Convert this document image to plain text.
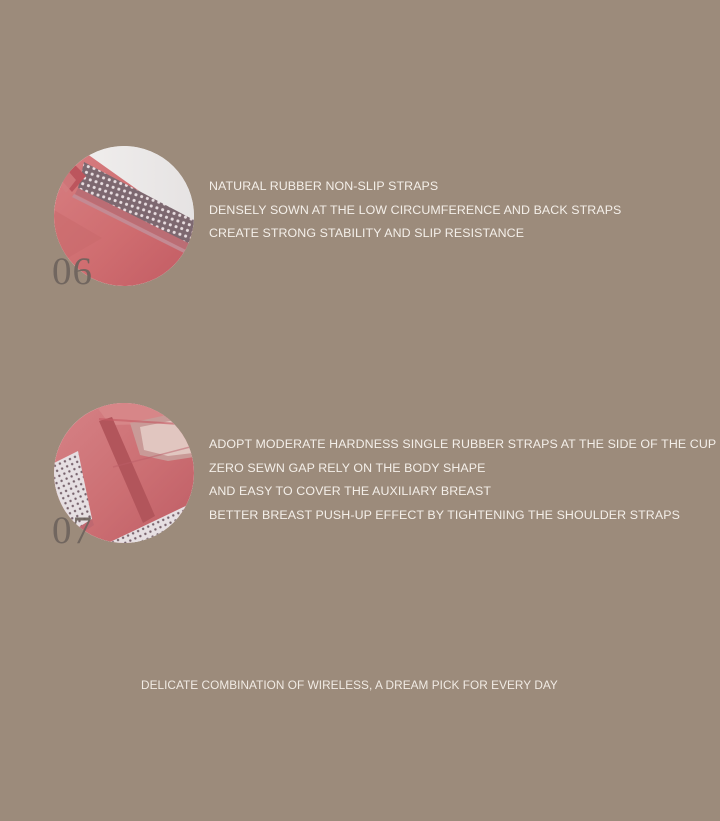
06
NATURAL RUBBER NON-SLIP STRAPS
DENSELY SOWN AT THE LOW CIRCUMFERENCE AND BACK STRAPS
CREATE STRONG STABILITY AND SLIP RESISTANCE
07
ADOPT MODERATE HARDNESS SINGLE RUBBER STRAPS AT THE SIDE OF THE CUP
ZERO SEWN GAP RELY ON THE BODY SHAPE
AND EASY TO COVER THE AUXILIARY BREAST
BETTER BREAST PUSH-UP EFFECT BY TIGHTENING THE SHOULDER STRAPS
DELICATE COMBINATION OF WIRELESS, A DREAM PICK FOR EVERY DAY
